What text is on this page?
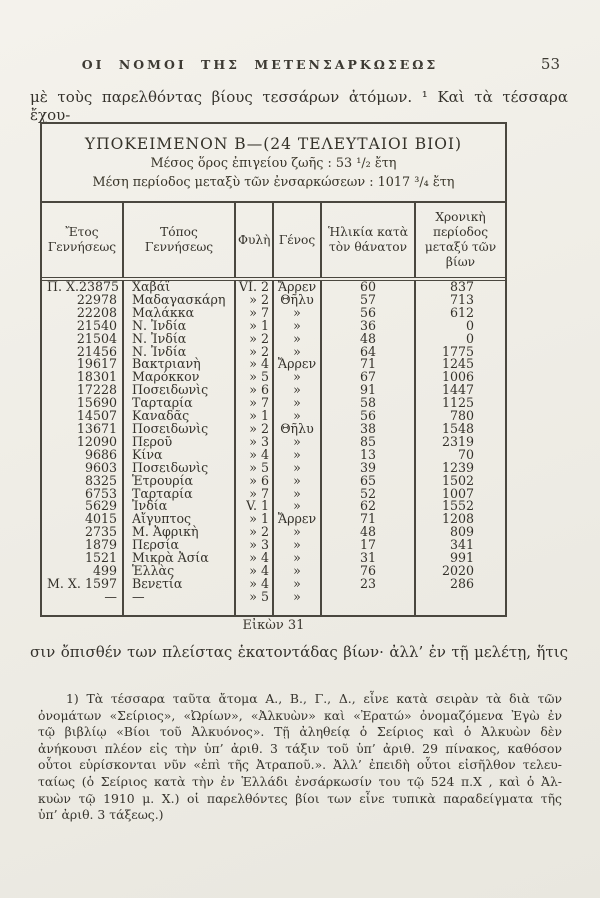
ΟΙ ΝΟΜΟΙ ΤΗΣ ΜΕΤΕΝΣΑΡΚΩΣΕΩΣ	53
μὲ τοὺς παρελθόντας βίους τεσσάρων ἀτόμων. ¹ Καὶ τὰ τέσσαρα ἔχου-
ΥΠΟΚΕΙΜΕΝΟΝ Β—(24 ΤΕΛΕΥΤΑΙΟΙ ΒΙΟΙ)
Μέσος ὅρος ἐπιγείου ζωῆς : 53 ¹/₂ ἔτη
Μέση περίοδος μεταξὺ τῶν ἐνσαρκώσεων : 1017 ³/₄ ἔτη
Ἔτος Γεννήσεως	Τόπος Γεννήσεως	Φυλὴ	Γένος	Ἡλικία κατὰ τὸν θάνατον	Χρονικὴ περίοδος μεταξύ τῶν βίων

Π. Χ. 23875	Χαβάϊ	VI. 2	Ἄρρεν	60	837

22978	Μαδαγασκάρη	» 2	Θῆλυ	57	713

22208	Μαλάκκα	» 7	»	56	612

21540	Ν. Ἰνδία	» 1	»	36	0

21504	Ν. Ἰνδία	» 2	»	48	0

21456	Ν. Ἰνδία	» 2	»	64	1775

19617	Βακτριανὴ	» 4	Ἄρρεν	71	1245

18301	Μαρόκκον	» 5	»	67	1006

17228	Ποσειδωνὶς	» 6	»	91	1447

15690	Ταρταρία	» 7	»	58	1125

14507	Καναδᾶς	» 1	»	56	780

13671	Ποσειδωνὶς	» 2	Θῆλυ	38	1548

12090	Περοῦ	» 3	»	85	2319

9686	Κίνα	» 4	»	13	70

9603	Ποσειδωνὶς	» 5	»	39	1239

8325	Ἑτρουρία	» 6	»	65	1502

6753	Ταρταρία	» 7	»	52	1007

5629	Ἰνδία	V. 1	»	62	1552

4015	Αἴγυπτος	» 1	Ἄρρεν	71	1208

2735	Μ. Ἀφρικὴ	» 2	»	48	809

1879	Περσία	» 3	»	17	341

1521	Μικρὰ Ἀσία	» 4	»	31	991

499	Ἑλλὰς	» 4	»	76	2020

Μ. Χ. 1597	Βενετία	» 4	»	23	286

—	—	» 5	»		
Εἰκὼν 31
σιν ὄπισθέν των πλείστας ἑκατοντάδας βίων· ἀλλ’ ἐν τῇ μελέτῃ, ἥτις
1) Τὰ τέσσαρα ταῦτα ἄτομα Α., Β., Γ., Δ., εἶνε κατὰ σειρὰν τὰ διὰ τῶν
ὀνομάτων «Σείριος», «Ὠρίων», «Ἀλκυὼν» καὶ «Ἐρατώ» ὀνομαζόμενα Ἐγὼ ἐν
τῷ βιβλίῳ «Βίοι τοῦ Ἀλκυόνος». Τῇ ἀληθείᾳ ὁ Σείριος καὶ ὁ Ἀλκυὼν δὲν
ἀνήκουσι πλέον εἰς τὴν ὑπ’ ἀριθ. 3 τάξιν τοῦ ὑπ’ ἀριθ. 29 πίνακος, καθόσον
οὗτοι εὑρίσκονται νῦν «ἐπὶ τῆς Ἀτραποῦ.». Ἀλλ’ ἐπειδὴ οὗτοι εἰσῆλθον τελευ-
ταίως (ὁ Σείριος κατὰ τὴν ἐν Ἑλλάδι ἐνσάρκωσίν του τῷ 524 π.Χ , καὶ ὁ Ἀλ-
κυὼν τῷ 1910 μ. Χ.) οἱ παρελθόντες βίοι των εἶνε τυπικὰ παραδείγματα τῆς
ὑπ’ ἀριθ. 3 τάξεως.)
